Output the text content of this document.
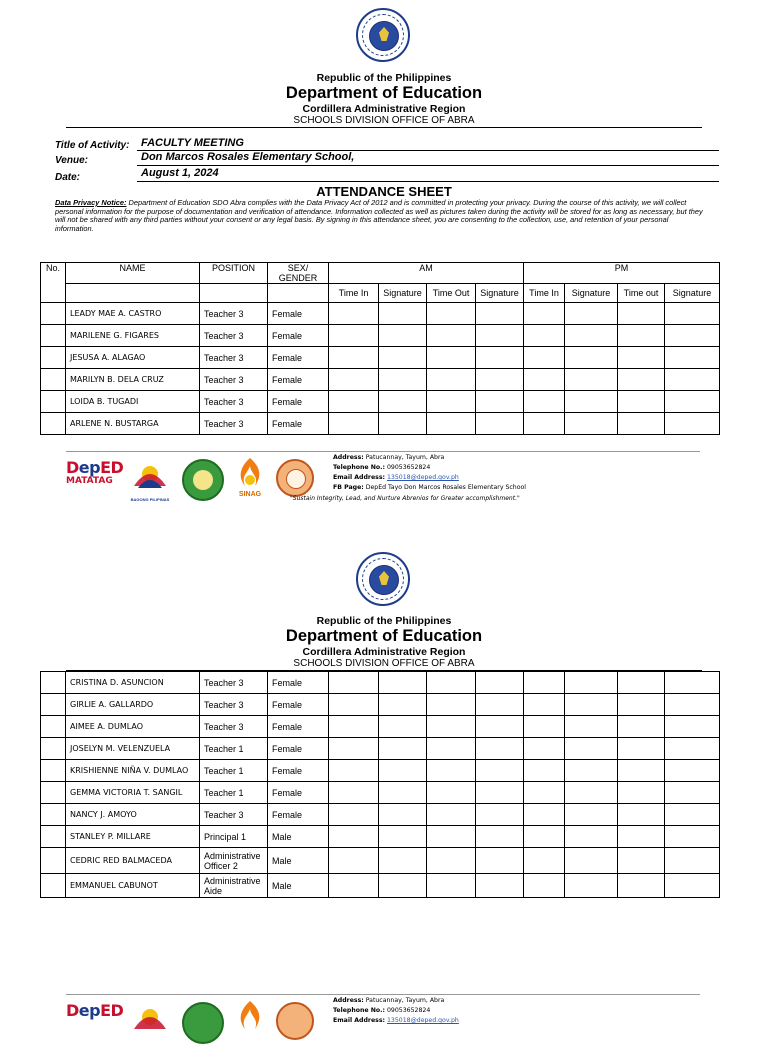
Republic of the Philippines
Department of Education
Cordillera Administrative Region
SCHOOLS DIVISION OFFICE OF ABRA
Title of Activity: FACULTY MEETING
Venue:	Don Marcos Rosales Elementary School,
Date:	August 1, 2024
ATTENDANCE SHEET
Data Privacy Notice: Department of Education SDO Abra complies with the Data Privacy Act of 2012 and is committed in protecting your privacy. During the course of this activity, we will collect personal information for the purpose of documentation and verification of attendance. Information collected as well as pictures taken during the activity will be stored for as long as necessary, but they will not be shared with any third parties without your consent or any legal basis. By signing in this attendance sheet, you are consenting to the collection, use, and retention of your personal information.
No.	NAME	POSITION	SEX/ GENDER	AM				PM			
				Time In	Signature	Time Out	Signature	Time In	Signature	Time out	Signature
	LEADY MAE A. CASTRO	Teacher 3	Female								
	MARILENE G. FIGARES	Teacher 3	Female								
	JESUSA A. ALAGAO	Teacher 3	Female								
	MARILYN B. DELA CRUZ	Teacher 3	Female								
	LOIDA B. TUGADI	Teacher 3	Female								
	ARLENE N. BUSTARGA	Teacher 3	Female								
DepED
MATATAG
BAGONG PILIPINAS
SINAG
Address: Patucannay, Tayum, Abra
Telephone No.: 09053652824
Email Address: 135018@deped.gov.ph
FB Page: DepEd Tayo Don Marcos Rosales Elementary School
"Sustain Integrity, Lead, and Nurture Abrenios for Greater accomplishment."
Republic of the Philippines
Department of Education
Cordillera Administrative Region
SCHOOLS DIVISION OFFICE OF ABRA
	CRISTINA D. ASUNCION	Teacher 3	Female								
	GIRLIE A. GALLARDO	Teacher 3	Female								
	AIMEE A. DUMLAO	Teacher 3	Female								
	JOSELYN M. VELENZUELA	Teacher 1	Female								
	KRISHIENNE NIÑA V. DUMLAO	Teacher 1	Female								
	GEMMA VICTORIA T. SANGIL	Teacher 1	Female								
	NANCY J. AMOYO	Teacher 3	Female								
	STANLEY P. MILLARE	Principal 1	Male								
	CEDRIC RED BALMACEDA	Administrative Officer 2	Male								
	EMMANUEL CABUNOT	Administrative Aide	Male								
DepED
Address: Patucannay, Tayum, Abra
Telephone No.: 09053652824
Email Address: 135018@deped.gov.ph
